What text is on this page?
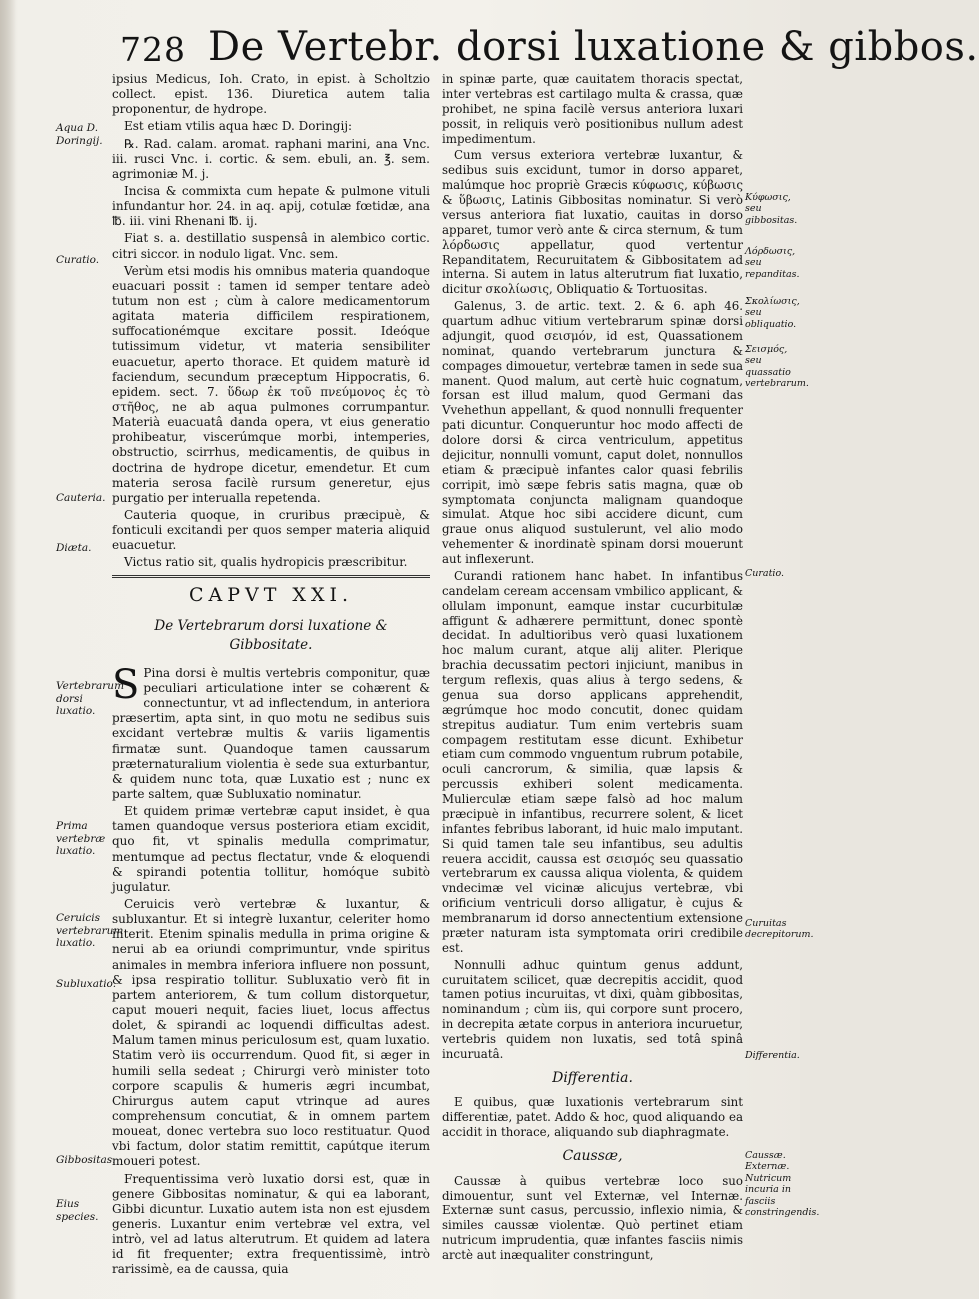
728 De Vertebr. dorsi luxatione & gibbos.

ipsius Medicus, Ioh. Crato, in epist. à Scholtzio collect. epist. 136. Diuretica autem talia proponentur, de hydrope.

Est etiam vtilis aqua hæc D. Doringij:

℞. Rad. calam. aromat. raphani marini, ana Vnc. iii. rusci Vnc. i. cortic. & sem. ebuli, an. ℥. sem. agrimoniæ M. j.

Incisa & commixta cum hepate & pulmone vituli infundantur hor. 24. in aq. apij, cotulæ fœtidæ, ana ℔. iii. vini Rhenani ℔. ij.

Fiat s. a. destillatio suspensâ in alembico cortic. citri siccor. in nodulo ligat. Vnc. sem.

Verùm etsi modis his omnibus materia quandoque euacuari possit : tamen id semper tentare adeò tutum non est ; cùm à calore medicamentorum agitata materia difficilem respirationem, suffocationémque excitare possit. Ideóque tutissimum videtur, vt materia sensibiliter euacuetur, aperto thorace. Et quidem maturè id faciendum, secundum præceptum Hippocratis, 6. epidem. sect. 7. ὕδωρ ἐκ τοῦ πνεύμονος ἐς τὸ στῆθος, ne ab aqua pulmones corrumpantur. Materià euacuatâ danda opera, vt eius generatio prohibeatur, viscerúmque morbi, intemperies, obstructio, scirrhus, medicamentis, de quibus in doctrina de hydrope dicetur, emendetur. Et cum materia serosa facilè rursum generetur, ejus purgatio per interualla repetenda.

Cauteria quoque, in cruribus præcipuè, & fonticuli excitandi per quos semper materia aliquid euacuetur.

Victus ratio sit, qualis hydropicis præscribitur.

CAPVT XXI.
De Vertebrarum dorsi luxatione &
Gibbositate.

S Pina dorsi è multis vertebris componitur, quæ peculiari articulatione inter se cohærent & connectuntur, vt ad inflectendum, in anteriora præsertim, apta sint, in quo motu ne sedibus suis excidant vertebræ multis & variis ligamentis firmatæ sunt. Quandoque tamen caussarum præternaturalium violentia è sede sua exturbantur, & quidem nunc tota, quæ Luxatio est ; nunc ex parte saltem, quæ Subluxatio nominatur.

Et quidem primæ vertebræ caput insidet, è qua tamen quandoque versus posteriora etiam excidit, quo fit, vt spinalis medulla comprimatur, mentumque ad pectus flectatur, vnde & eloquendi & spirandi potentia tollitur, homóque subitò jugulatur.

Ceruicis verò vertebræ & luxantur, & subluxantur. Et si integrè luxantur, celeriter homo interit. Etenim spinalis medulla in prima origine & nerui ab ea oriundi comprimuntur, vnde spiritus animales in membra inferiora influere non possunt, & ipsa respiratio tollitur. Subluxatio verò fit in partem anteriorem, & tum collum distorquetur, caput moueri nequit, facies liuet, locus affectus dolet, & spirandi ac loquendi difficultas adest. Malum tamen minus periculosum est, quam luxatio. Statim verò iis occurrendum. Quod fit, si æger in humili sella sedeat ; Chirurgi verò minister toto corpore scapulis & humeris ægri incumbat, Chirurgus autem caput vtrinque ad aures comprehensum concutiat, & in omnem partem moueat, donec vertebra suo loco restituatur. Quod vbi factum, dolor statim remittit, capútque iterum moueri potest.

Frequentissima verò luxatio dorsi est, quæ in genere Gibbositas nominatur, & qui ea laborant, Gibbi dicuntur. Luxatio autem ista non est ejusdem generis. Luxantur enim vertebræ vel extra, vel intrò, vel ad latus alterutrum. Et quidem ad latera id fit frequenter; extra frequentissimè, intrò rarissimè, ea de caussa, quia

in spinæ parte, quæ cauitatem thoracis spectat, inter vertebras est cartilago multa & crassa, quæ prohibet, ne spina facilè versus anteriora luxari possit, in reliquis verò positionibus nullum adest impedimentum.

Cum versus exteriora vertebræ luxantur, & sedibus suis excidunt, tumor in dorso apparet, malúmque hoc propriè Græcis κύφωσις, κύβωσις & ὕβωσις, Latinis Gibbositas nominatur. Si verò versus anteriora fiat luxatio, cauitas in dorso apparet, tumor verò ante & circa sternum, & tum λόρδωσις appellatur, quod vertentur Repanditatem, Recuruitatem & Gibbositatem ad interna. Si autem in latus alterutrum fiat luxatio, dicitur σκολίωσις, Obliquatio & Tortuositas.

Galenus, 3. de artic. text. 2. & 6. aph 46. quartum adhuc vitium vertebrarum spinæ dorsi adjungit, quod σεισμόν, id est, Quassationem nominat, quando vertebrarum junctura & compages dimouetur, vertebræ tamen in sede sua manent. Quod malum, aut certè huic cognatum, forsan est illud malum, quod Germani das Vvehethun appellant, & quod nonnulli frequenter pati dicuntur. Conqueruntur hoc modo affecti de dolore dorsi & circa ventriculum, appetitus dejicitur, nonnulli vomunt, caput dolet, nonnullos etiam & præcipuè infantes calor quasi febrilis corripit, imò sæpe febris satis magna, quæ ob symptomata conjuncta malignam quandoque simulat. Atque hoc sibi accidere dicunt, cum graue onus aliquod sustulerunt, vel alio modo vehementer & inordinatè spinam dorsi mouerunt aut inflexerunt.

Curandi rationem hanc habet. In infantibus candelam ceream accensam vmbilico applicant, & ollulam imponunt, eamque instar cucurbitulæ affigunt & adhærere permittunt, donec spontè decidat. In adultioribus verò quasi luxationem hoc malum curant, atque alij aliter. Plerique brachia decussatim pectori injiciunt, manibus in tergum reflexis, quas alius à tergo sedens, & genua sua dorso applicans apprehendit, ægrúmque hoc modo concutit, donec quidam strepitus audiatur. Tum enim vertebris suam compagem restitutam esse dicunt. Exhibetur etiam cum commodo vnguentum rubrum potabile, oculi cancrorum, & similia, quæ lapsis & percussis exhiberi solent medicamenta. Mulierculæ etiam sæpe falsò ad hoc malum præcipuè in infantibus, recurrere solent, & licet infantes febribus laborant, id huic malo imputant. Si quid tamen tale seu infantibus, seu adultis reuera accidit, caussa est σεισμός seu quassatio vertebrarum ex caussa aliqua violenta, & quidem vndecimæ vel vicinæ alicujus vertebræ, vbi orificium ventriculi dorso alligatur, è cujus & membranarum id dorso annectentium extensione præter naturam ista symptomata oriri credibile est.

Nonnulli adhuc quintum genus addunt, curuitatem scilicet, quæ decrepitis accidit, quod tamen potius incuruitas, vt dixi, quàm gibbositas, nominandum ; cùm iis, qui corpore sunt procero, in decrepita ætate corpus in anteriora incuruetur, vertebris quidem non luxatis, sed totâ spinâ incuruatâ.

Differentia.

E quibus, quæ luxationis vertebrarum sint differentiæ, patet. Addo & hoc, quod aliquando ea accidit in thorace, aliquando sub diaphragmate.

Caussæ,

Caussæ à quibus vertebræ loco suo dimouentur, sunt vel Externæ, vel Internæ. Externæ sunt casus, percussio, inflexio nimia, & similes caussæ violentæ. Quò pertinet etiam nutricum imprudentia, quæ infantes fasciis nimis arctè aut inæqualiter constringunt,

Aqua D. Doringij.
Curatio.
Cauteria.
Diæta.
Vertebrarum dorsi luxatio.
Prima vertebræ luxatio.
Ceruicis vertebrarum luxatio.
Subluxatio.
Gibbositas.
Eius species.
Κύφωσις, seu gibbositas.
Λόρδωσις, seu repanditas.
Σκολίωσις, seu obliquatio.
Σεισμός, seu quassatio vertebrarum.
Curatio.
Curuitas decrepitorum.
Differentia.
Caussæ. Externæ. Nutricum incuria in fasciis constringendis.
